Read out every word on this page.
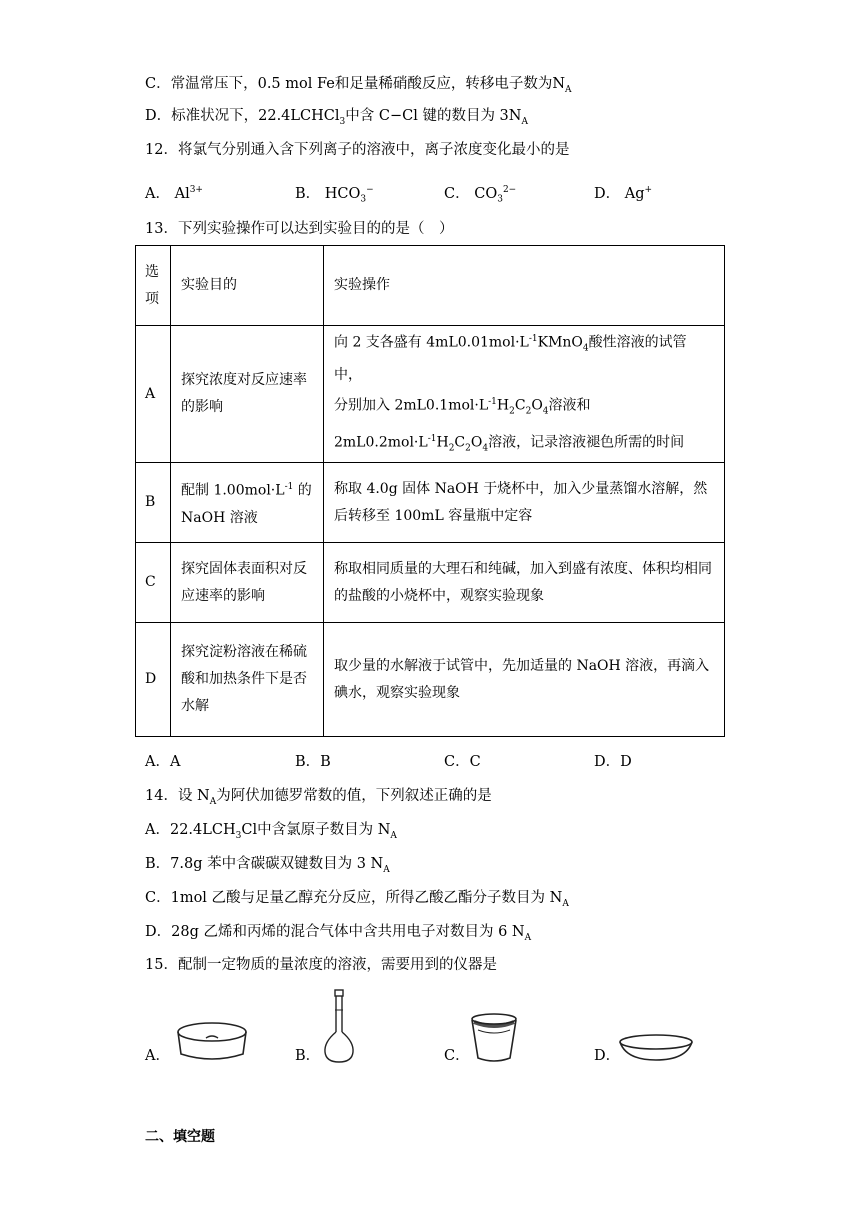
C．常温常压下，0.5 mol Fe和足量稀硝酸反应，转移电子数为$N_A$
D．标准状况下，22.4LCHCl$_3$中含 C−Cl 键的数目为 $3N_A$
12．将氯气分别通入含下列离子的溶液中，离子浓度变化最小的是
A． $Al^{3+}$	B． $HCO_3^-$	C． $CO_3^{2-}$	D． Ag+
13．下列实验操作可以达到实验目的的是（　）
选项	实验目的	实验操作
A	探究浓度对反应速率的影响	向 2 支各盛有 $4mL0.01mol\cdot L^{-1}KMnO_4$酸性溶液的试管中，
分别加入 $2mL0.1mol\cdot L^{-1}H_2C_2O_4$溶液和
$2mL0.2mol\cdot L^{-1}H_2C_2O_4$溶液，记录溶液褪色所需的时间

B	配制 $1.00mol\cdot L^{-1}$ 的
NaOH 溶液	称取 4.0g 固体 NaOH 于烧杯中，加入少量蒸馏水溶解，然后转移至 100mL 容量瓶中定容
C	探究固体表面积对反应速率的影响	称取相同质量的大理石和纯碱，加入到盛有浓度、体积均相同的盐酸的小烧杯中，观察实验现象
D	探究淀粉溶液在稀硫酸和加热条件下是否水解	取少量的水解液于试管中，先加适量的 NaOH 溶液，再滴入碘水，观察实验现象
A．A	B．B	C．C	D．D
14．设 $N_A$为阿伏加德罗常数的值，下列叙述正确的是
A．$22.4LCH_3Cl$中含氯原子数目为 $N_A$
B．7.8g 苯中含碳碳双键数目为 3 $N_A$
C．1mol 乙酸与足量乙醇充分反应，所得乙酸乙酯分子数目为 $N_A$
D．28g 乙烯和丙烯的混合气体中含共用电子对数目为 6 $N_A$
15．配制一定物质的量浓度的溶液，需要用到的仪器是
A．	B．	C．	D．
二、填空题
